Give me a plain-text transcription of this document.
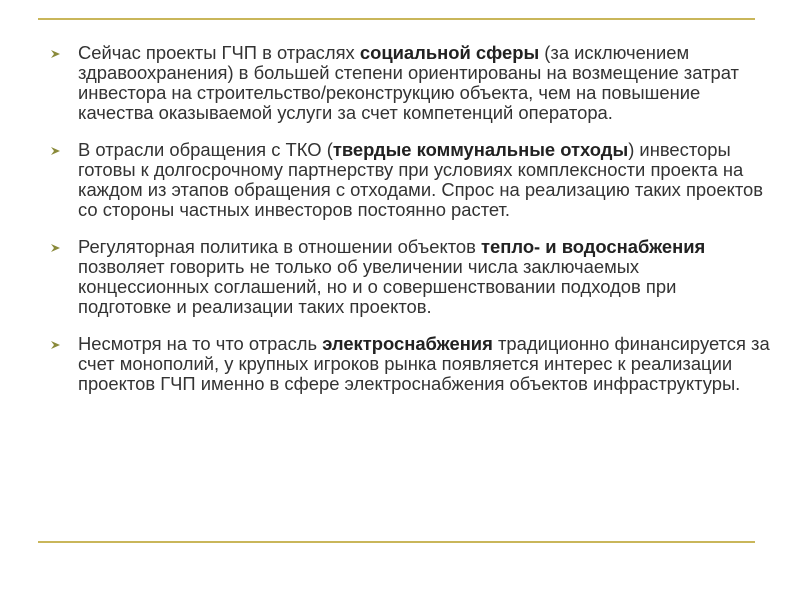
Сейчас проекты ГЧП в отраслях социальной сферы (за исключением здравоохранения) в большей степени ориентированы на возмещение затрат инвестора на строительство/реконструкцию объекта, чем на повышение качества оказываемой услуги за счет компетенций оператора.
В отрасли обращения с ТКО (твердые коммунальные отходы) инвесторы готовы к долгосрочному партнерству при условиях комплексности проекта на каждом из этапов обращения с отходами. Спрос на реализацию таких проектов со стороны частных инвесторов постоянно растет.
Регуляторная политика в отношении объектов тепло- и водоснабжения позволяет говорить не только об увеличении числа заключаемых концессионных соглашений, но и о совершенствовании подходов при подготовке и реализации таких проектов.
Несмотря на то что отрасль электроснабжения традиционно финансируется за счет монополий, у крупных игроков рынка появляется интерес к реализации проектов ГЧП именно в сфере электроснабжения объектов инфраструктуры.
